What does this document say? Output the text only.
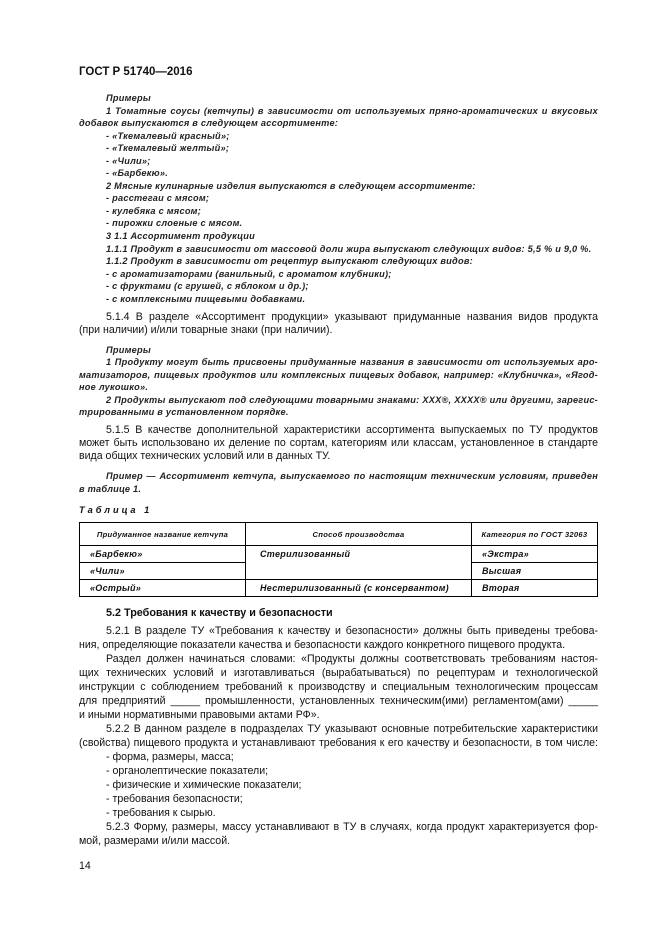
ГОСТ Р 51740—2016
Примеры
1 Томатные соусы (кетчупы) в зависимости от используемых пряно-ароматических и вкусовых
добавок выпускаются в следующем ассортименте:
- «Ткемалевый красный»;
- «Ткемалевый желтый»;
- «Чили»;
- «Барбекю».
2 Мясные кулинарные изделия выпускаются в следующем ассортименте:
- расстегаи с мясом;
- кулебяка с мясом;
- пирожки слоеные с мясом.
3 1.1 Ассортимент продукции
1.1.1 Продукт в зависимости от массовой доли жира выпускают следующих видов: 5,5 % и 9,0 %.
1.1.2 Продукт в зависимости от рецептур выпускают следующих видов:
- с ароматизаторами (ванильный, с ароматом клубники);
- с фруктами (с грушей, с яблоком и др.);
- с комплексными пищевыми добавками.
5.1.4 В разделе «Ассортимент продукции» указывают придуманные названия видов продукта
(при наличии) и/или товарные знаки (при наличии).
Примеры
1 Продукту могут быть присвоены придуманные названия в зависимости от используемых аро-
матизаторов, пищевых продуктов или комплексных пищевых добавок, например: «Клубничка», «Ягод-
ное лукошко».
2 Продукты выпускают под следующими товарными знаками: XXX®, XXXX® или другими, зарегис-
трированными в установленном порядке.
5.1.5 В качестве дополнительной характеристики ассортимента выпускаемых по ТУ продуктов
может быть использовано их деление по сортам, категориям или классам, установленное в стандарте
вида общих технических условий или в данных ТУ.
Пример — Ассортимент кетчупа, выпускаемого по настоящим техническим условиям, приведен
в таблице 1.
Таблица 1
Придуманное название кетчупа	Способ производства	Категория по ГОСТ 32063
«Барбекю»	Стерилизованный	«Экстра»
«Чили»		Высшая
«Острый»	Нестерилизованный (с консервантом)	Вторая
5.2 Требования к качеству и безопасности
5.2.1 В разделе ТУ «Требования к качеству и безопасности» должны быть приведены требова-
ния, определяющие показатели качества и безопасности каждого конкретного пищевого продукта.
Раздел должен начинаться словами: «Продукты должны соответствовать требованиям настоя-
щих технических условий и изготавливаться (вырабатываться) по рецептурам и технологической
инструкции с соблюдением требований к производству и специальным технологическим процессам
для предприятий _____ промышленности, установленных техническим(ими) регламентом(ами) _____
и иными нормативными правовыми актами РФ».
5.2.2 В данном разделе в подразделах ТУ указывают основные потребительские характеристики
(свойства) пищевого продукта и устанавливают требования к его качеству и безопасности, в том числе:
- форма, размеры, масса;
- органолептические показатели;
- физические и химические показатели;
- требования безопасности;
- требования к сырью.
5.2.3 Форму, размеры, массу устанавливают в ТУ в случаях, когда продукт характеризуется фор-
мой, размерами и/или массой.
14
